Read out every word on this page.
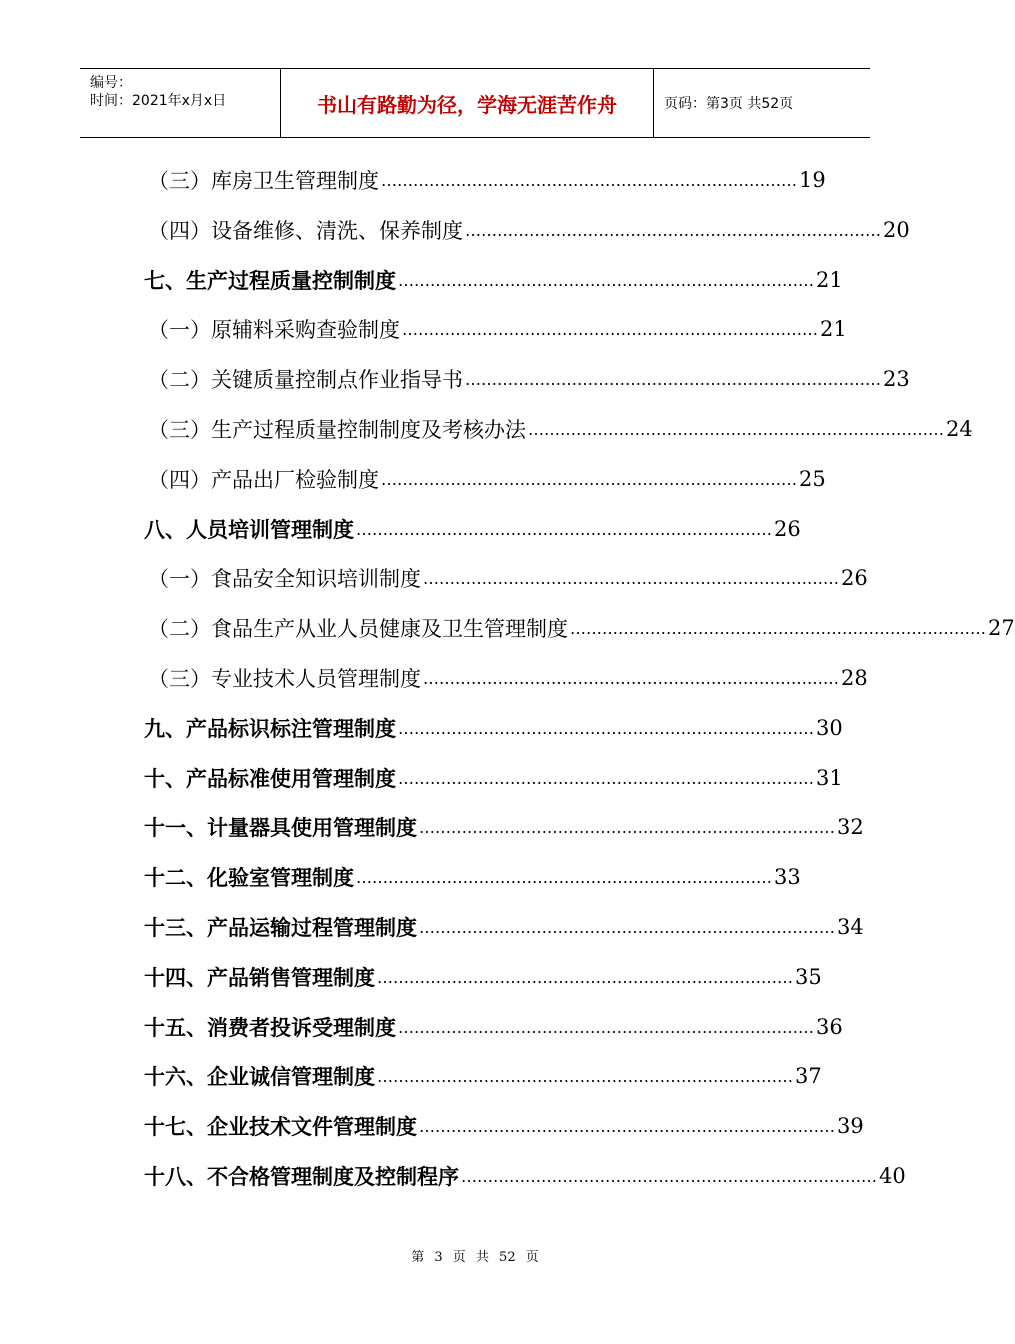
编号：
时间：2021年x月x日	书山有路勤为径，学海无涯苦作舟	页码：第3页 共52页
（三）库房卫生管理制度 …………………………………………………………………… 19
（四）设备维修、清洗、保养制度 …………………………………………………………………… 20
七、生产过程质量控制制度 …………………………………………………………………… 21
（一）原辅料采购查验制度 …………………………………………………………………… 21
（二）关键质量控制点作业指导书 …………………………………………………………………… 23
（三）生产过程质量控制制度及考核办法 …………………………………………………………………… 24
（四）产品出厂检验制度 …………………………………………………………………… 25
八、人员培训管理制度 …………………………………………………………………… 26
（一）食品安全知识培训制度 …………………………………………………………………… 26
（二）食品生产从业人员健康及卫生管理制度 …………………………………………………………………… 27
（三）专业技术人员管理制度 …………………………………………………………………… 28
九、产品标识标注管理制度 …………………………………………………………………… 30
十、产品标准使用管理制度 …………………………………………………………………… 31
十一、计量器具使用管理制度 …………………………………………………………………… 32
十二、化验室管理制度 …………………………………………………………………… 33
十三、产品运输过程管理制度 …………………………………………………………………… 34
十四、产品销售管理制度 …………………………………………………………………… 35
十五、消费者投诉受理制度 …………………………………………………………………… 36
十六、企业诚信管理制度 …………………………………………………………………… 37
十七、企业技术文件管理制度 …………………………………………………………………… 39
十八、不合格管理制度及控制程序 …………………………………………………………………… 40
第 3 页 共 52 页
